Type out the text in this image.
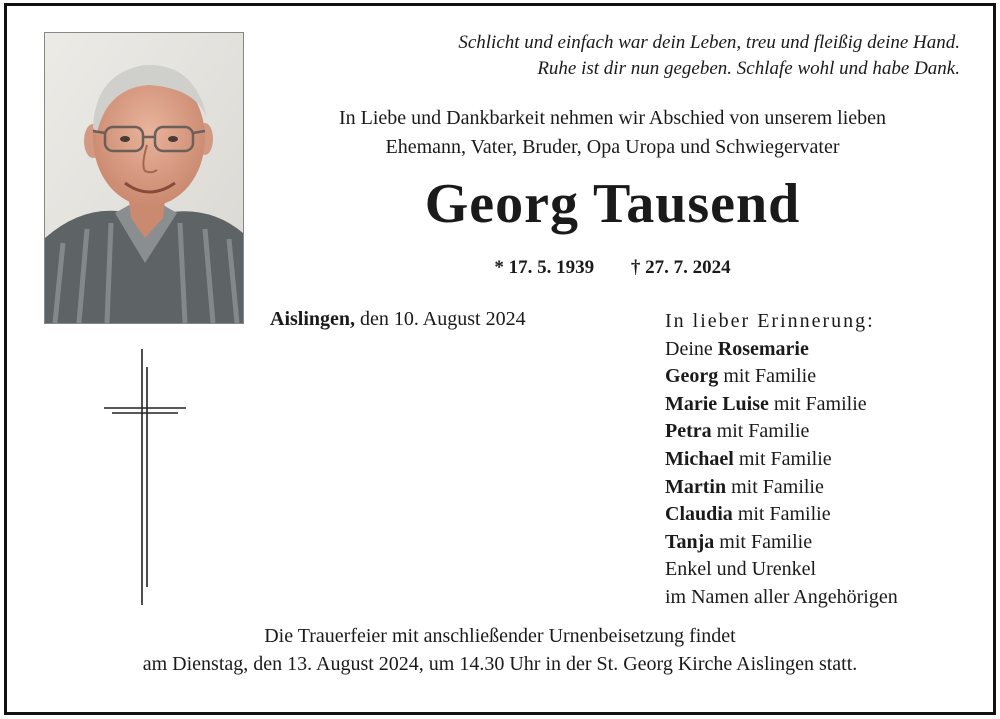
Schlicht und einfach war dein Leben, treu und fleißig deine Hand.
Ruhe ist dir nun gegeben. Schlafe wohl und habe Dank.
In Liebe und Dankbarkeit nehmen wir Abschied von unserem lieben
Ehemann, Vater, Bruder, Opa Uropa und Schwiegervater
Georg Tausend
* 17. 5. 1939 † 27. 7. 2024
Aislingen, den 10. August 2024	In lieber Erinnerung:
Deine Rosemarie
Georg mit Familie
Marie Luise mit Familie
Petra mit Familie
Michael mit Familie
Martin mit Familie
Claudia mit Familie
Tanja mit Familie
Enkel und Urenkel
im Namen aller Angehörigen
Die Trauerfeier mit anschließender Urnenbeisetzung findet
am Dienstag, den 13. August 2024, um 14.30 Uhr in der St. Georg Kirche Aislingen statt.
